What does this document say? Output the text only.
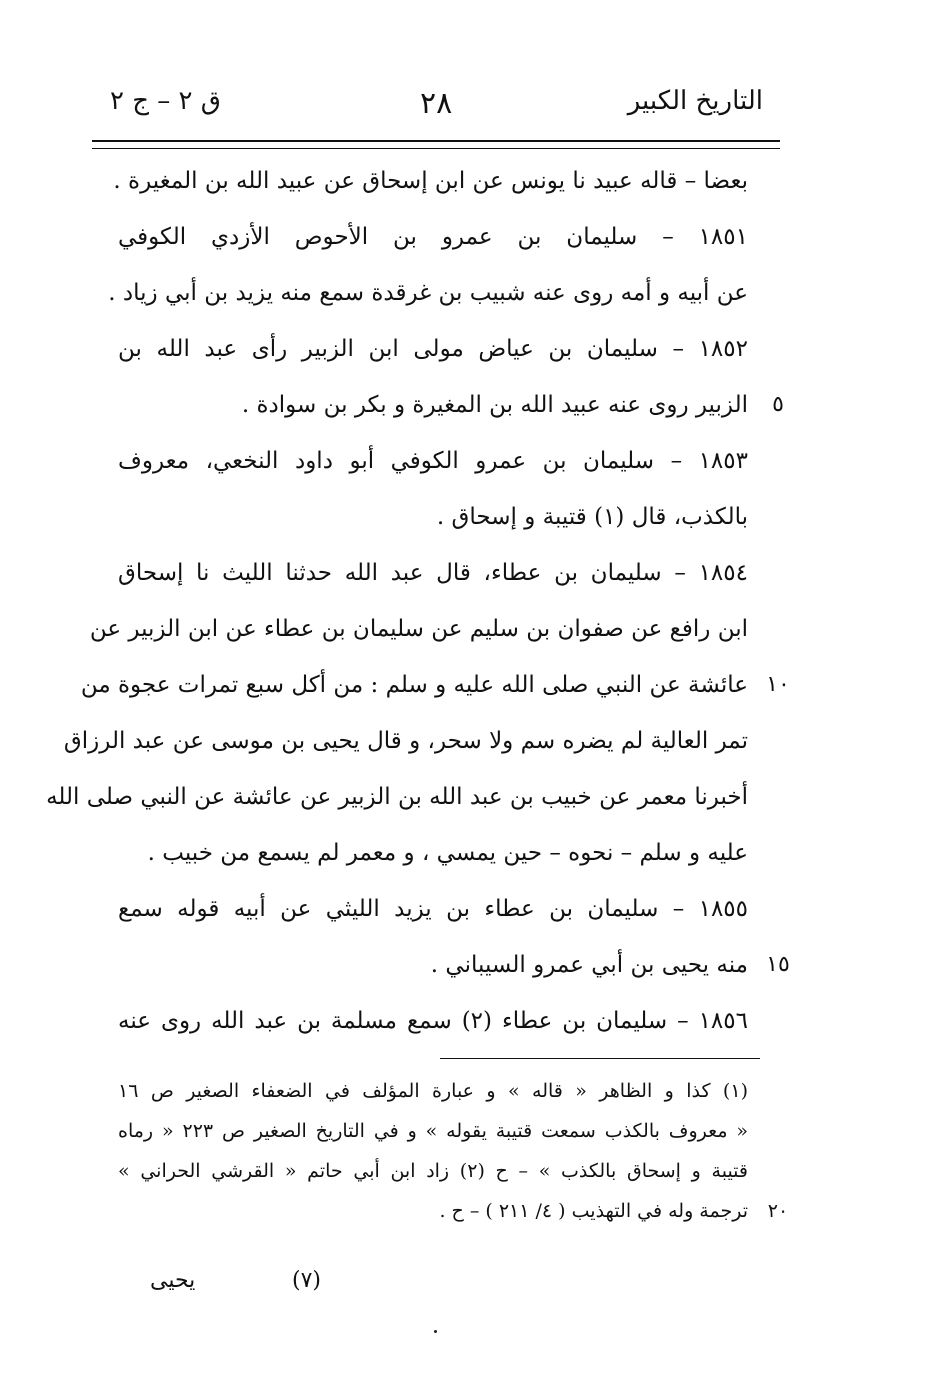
التاريخ الكبير
٢٨
ق ٢ – ج ٢
بعضا – قاله عبيد نا يونس عن ابن إسحاق عن عبيد الله بن المغيرة .
١٨٥١ – سليمان بن عمرو بن الأحوص الأزدي الكوفي
عن أبيه و أمه روى عنه شبيب بن غرقدة سمع منه يزيد بن أبي زياد .
١٨٥٢ – سليمان بن عياض مولى ابن الزبير رأى عبد الله بن
الزبير روى عنه عبيد الله بن المغيرة و بكر بن سوادة .	٥
١٨٥٣ – سليمان بن عمرو الكوفي أبو داود النخعي، معروف
بالكذب، قال (١) قتيبة و إسحاق .
١٨٥٤ – سليمان بن عطاء، قال عبد الله حدثنا الليث نا إسحاق
ابن رافع عن صفوان بن سليم عن سليمان بن عطاء عن ابن الزبير عن
عائشة عن النبي صلى الله عليه و سلم : من أكل سبع تمرات عجوة من ١٠
تمر العالية لم يضره سم ولا سحر، و قال يحيى بن موسى عن عبد الرزاق
أخبرنا معمر عن خبيب بن عبد الله بن الزبير عن عائشة عن النبي صلى الله
عليه و سلم – نحوه – حين يمسي ، و معمر لم يسمع من خبيب .
١٨٥٥ – سليمان بن عطاء بن يزيد الليثي عن أبيه قوله سمع
منه يحيى بن أبي عمرو السيباني . ١٥
١٨٥٦ – سليمان بن عطاء (٢) سمع مسلمة بن عبد الله روى عنه
(١) كذا و الظاهر « قاله » و عبارة المؤلف في الضعفاء الصغير ص ١٦
« معروف بالكذب سمعت قتيبة يقوله » و في التاريخ الصغير ص ٢٢٣ « رماه
قتيبة و إسحاق بالكذب » – ح (٢) زاد ابن أبي حاتم « القرشي الحراني »
ترجمة وله في التهذيب ( ٤/ ٢١١ ) – ح .	٢٠
(٧)
يحيى
